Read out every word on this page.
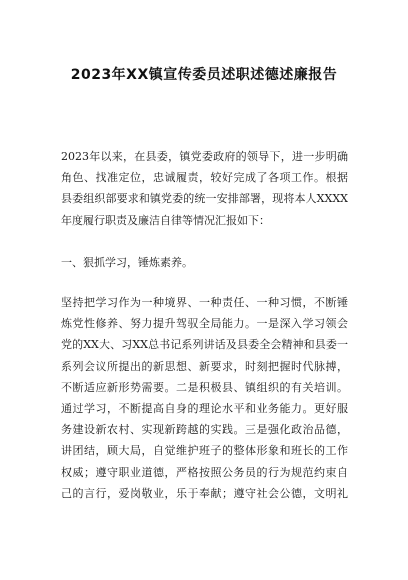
2023年XX镇宣传委员述职述德述廉报告
2023年以来，在县委，镇党委政府的领导下，进一步明确
角色、找准定位，忠诚履责，较好完成了各项工作。根据
县委组织部要求和镇党委的统一安排部署，现将本人XXXX
年度履行职责及廉洁自律等情况汇报如下：
一、狠抓学习，锤炼素养。
坚持把学习作为一种境界、一种责任、一种习惯，不断锤
炼党性修养、努力提升驾驭全局能力。一是深入学习领会
党的XX大、习XX总书记系列讲话及县委全会精神和县委一
系列会议所提出的新思想、新要求，时刻把握时代脉搏，
不断适应新形势需要。二是积极县、镇组织的有关培训。
通过学习，不断提高自身的理论水平和业务能力。更好服
务建设新农村、实现新跨越的实践。三是强化政治品德，
讲团结，顾大局，自觉维护班子的整体形象和班长的工作
权威；遵守职业道德，严格按照公务员的行为规范约束自
己的言行，爱岗敬业，乐于奉献；遵守社会公德，文明礼
